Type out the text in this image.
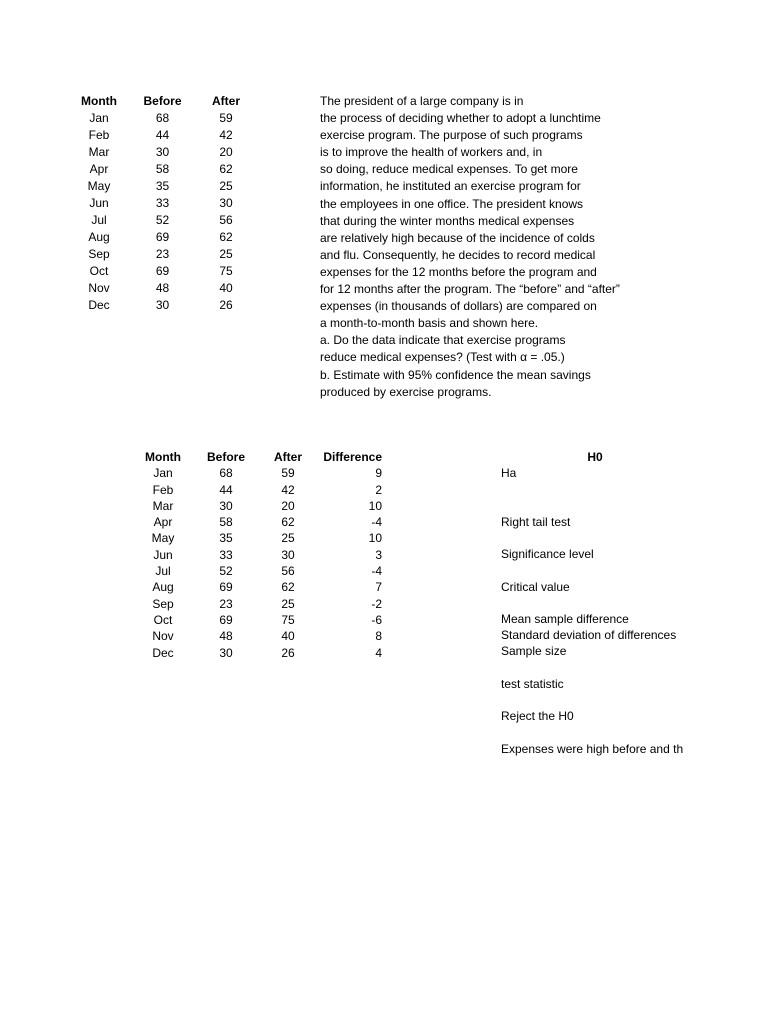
Month	Before	After
Jan	68	59
Feb	44	42
Mar	30	20
Apr	58	62
May	35	25
Jun	33	30
Jul	52	56
Aug	69	62
Sep	23	25
Oct	69	75
Nov	48	40
Dec	30	26
The president of a large company is in
the process of deciding whether to adopt a lunchtime
exercise program. The purpose of such programs
is to improve the health of workers and, in
so doing, reduce medical expenses. To get more
information, he instituted an exercise program for
the employees in one office. The president knows
that during the winter months medical expenses
are relatively high because of the incidence of colds
and flu. Consequently, he decides to record medical
expenses for the 12 months before the program and
for 12 months after the program. The “before” and “after”
expenses (in thousands of dollars) are compared on
a month-to-month basis and shown here.
a. Do the data indicate that exercise programs
reduce medical expenses? (Test with α = .05.)
b. Estimate with 95% confidence the mean savings
produced by exercise programs.
Month	Before	After	Difference
Jan	68	59	9
Feb	44	42	2
Mar	30	20	10
Apr	58	62	-4
May	35	25	10
Jun	33	30	3
Jul	52	56	-4
Aug	69	62	7
Sep	23	25	-2
Oct	69	75	-6
Nov	48	40	8
Dec	30	26	4
H0
Ha
Right tail test
Significance level
Critical value
Mean sample difference
Standard deviation of differences
Sample size
test statistic
Reject the H0
Expenses were high before and th
